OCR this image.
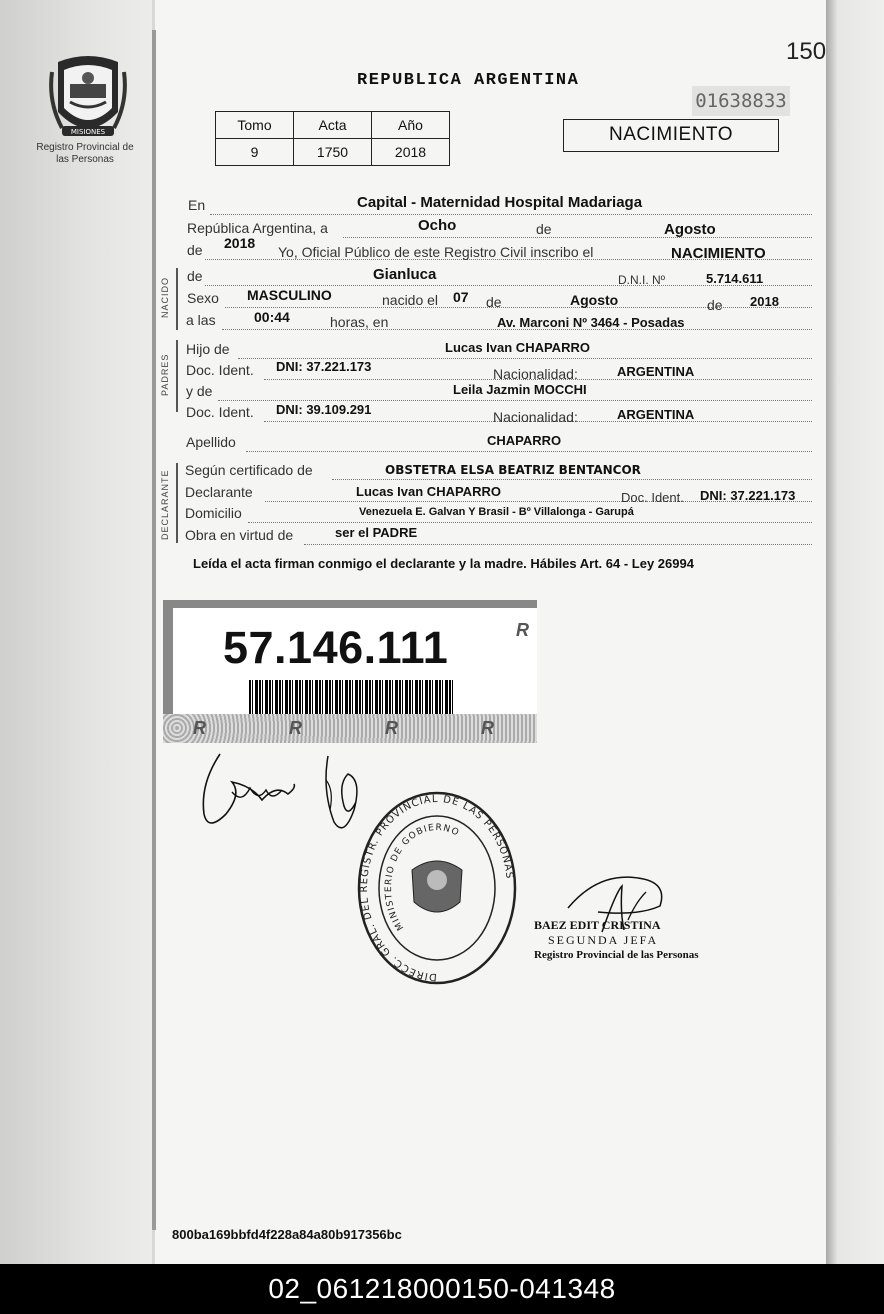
MISIONES
Registro Provincial de las Personas
150
REPUBLICA ARGENTINA
01638833
Tomo	Acta	Año
9	1750	2018
NACIMIENTO
En	Capital - Maternidad Hospital Madariaga
República Argentina, a	Ocho	de	Agosto
de 2018
Yo, Oficial Público de este Registro Civil inscribo el	NACIMIENTO
NACIDO
de	Gianluca	D.N.I. Nº	5.714.611
Sexo MASCULINO	nacido el 07 de	Agosto	de 2018
a las	00:44	horas, en	Av. Marconi Nº 3464 - Posadas
PADRES
Hijo de	Lucas Ivan CHAPARRO
Doc. Ident. DNI: 37.221.173	Nacionalidad:	ARGENTINA
y de	Leila Jazmin MOCCHI
Doc. Ident. DNI: 39.109.291	Nacionalidad:	ARGENTINA
Apellido	CHAPARRO
DECLARANTE Según certificado de	OBSTETRA ELSA BEATRIZ BENTANCOR
Declarante	Lucas Ivan CHAPARRO	Doc. Ident. DNI: 37.221.173
Domicilio	Venezuela E. Galvan Y Brasil - Bº Villalonga - Garupá
Obra en virtud de	ser el PADRE
Leída el acta firman conmigo el declarante y la madre. Hábiles Art. 64 - Ley 26994
57.146.111
R	R	R	R
R
DIRECC. GRAL. DEL REGISTR. PROVINCIAL DE LAS PERSONAS
MINISTERIO DE GOBIERNO
BAEZ EDIT CRISTINA
SEGUNDA JEFA
Registro Provincial de las Personas
800ba169bbfd4f228a84a80b917356bc
02_061218000150-041348
